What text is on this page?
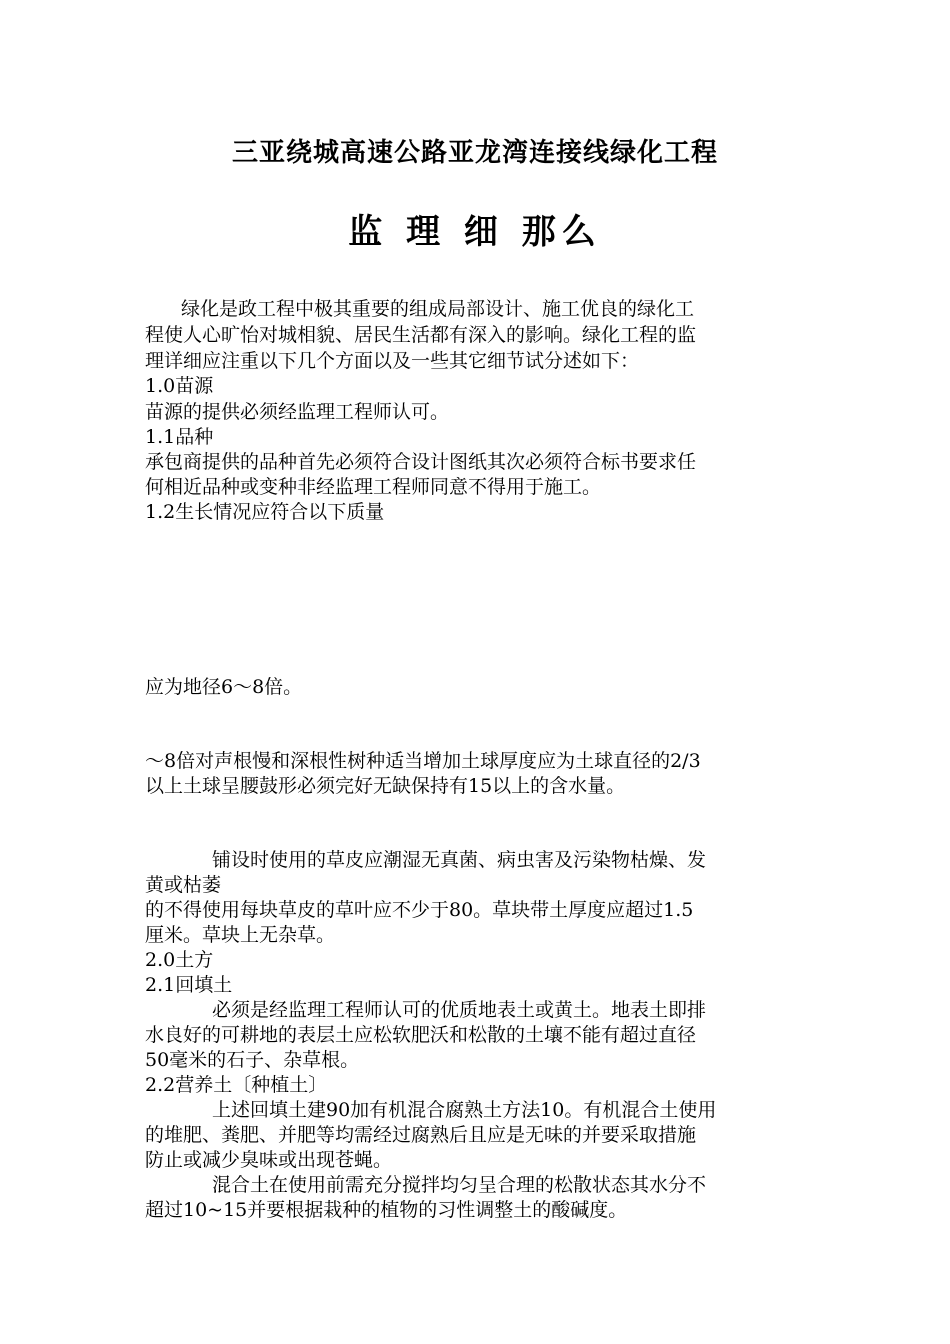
三亚绕城高速公路亚龙湾连接线绿化工程
监 理 细 那么

绿化是政工程中极其重要的组成局部设计、施工优良的绿化工

程使人心旷怡对城相貌、居民生活都有深入的影响。绿化工程的监

理详细应注重以下几个方面以及一些其它细节试分述如下：

1.0苗源

苗源的提供必须经监理工程师认可。

1.1品种

承包商提供的品种首先必须符合设计图纸其次必须符合标书要求任

何相近品种或变种非经监理工程师同意不得用于施工。

1.2生长情况应符合以下质量

应为地径6～8倍。

～8倍对声根慢和深根性树种适当增加土球厚度应为土球直径的2/3

以上土球呈腰鼓形必须完好无缺保持有15以上的含水量。

铺设时使用的草皮应潮湿无真菌、病虫害及污染物枯燥、发

黄或枯萎

的不得使用每块草皮的草叶应不少于80。草块带土厚度应超过1.5

厘米。草块上无杂草。

2.0土方

2.1回填土

必须是经监理工程师认可的优质地表土或黄土。地表土即排

水良好的可耕地的表层土应松软肥沃和松散的土壤不能有超过直径

50毫米的石子、杂草根。

2.2营养土〔种植土〕

上述回填土建90加有机混合腐熟土方法10。有机混合土使用

的堆肥、粪肥、并肥等均需经过腐熟后且应是无味的并要采取措施

防止或减少臭味或出现苍蝇。

混合土在使用前需充分搅拌均匀呈合理的松散状态其水分不

超过10~15并要根据栽种的植物的习性调整土的酸碱度。
